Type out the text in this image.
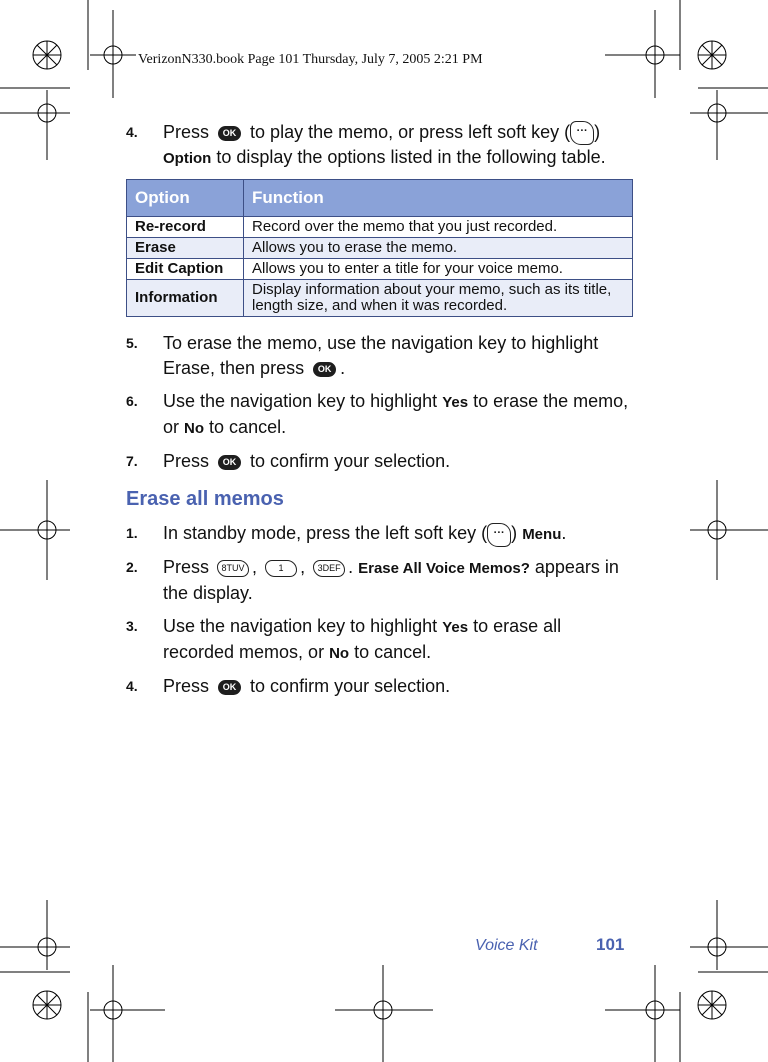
VerizonN330.book Page 101 Thursday, July 7, 2005 2:21 PM
4. Press OK to play the memo, or press left soft key ( ··· ) Option to display the options listed in the following table.
Option	Function
Re-record	Record over the memo that you just recorded.
Erase	Allows you to erase the memo.
Edit Caption	Allows you to enter a title for your voice memo.
Information	Display information about your memo, such as its title, length size, and when it was recorded.
5. To erase the memo, use the navigation key to highlight Erase, then press OK .
6. Use the navigation key to highlight Yes to erase the memo, or No to cancel.
7. Press OK to confirm your selection.
Erase all memos
1. In standby mode, press the left soft key ( ··· ) Menu.
2. Press 8TUV , 1 , 3DEF . Erase All Voice Memos? appears in the display.
3. Use the navigation key to highlight Yes to erase all recorded memos, or No to cancel.
4. Press OK to confirm your selection.
Voice Kit	101
